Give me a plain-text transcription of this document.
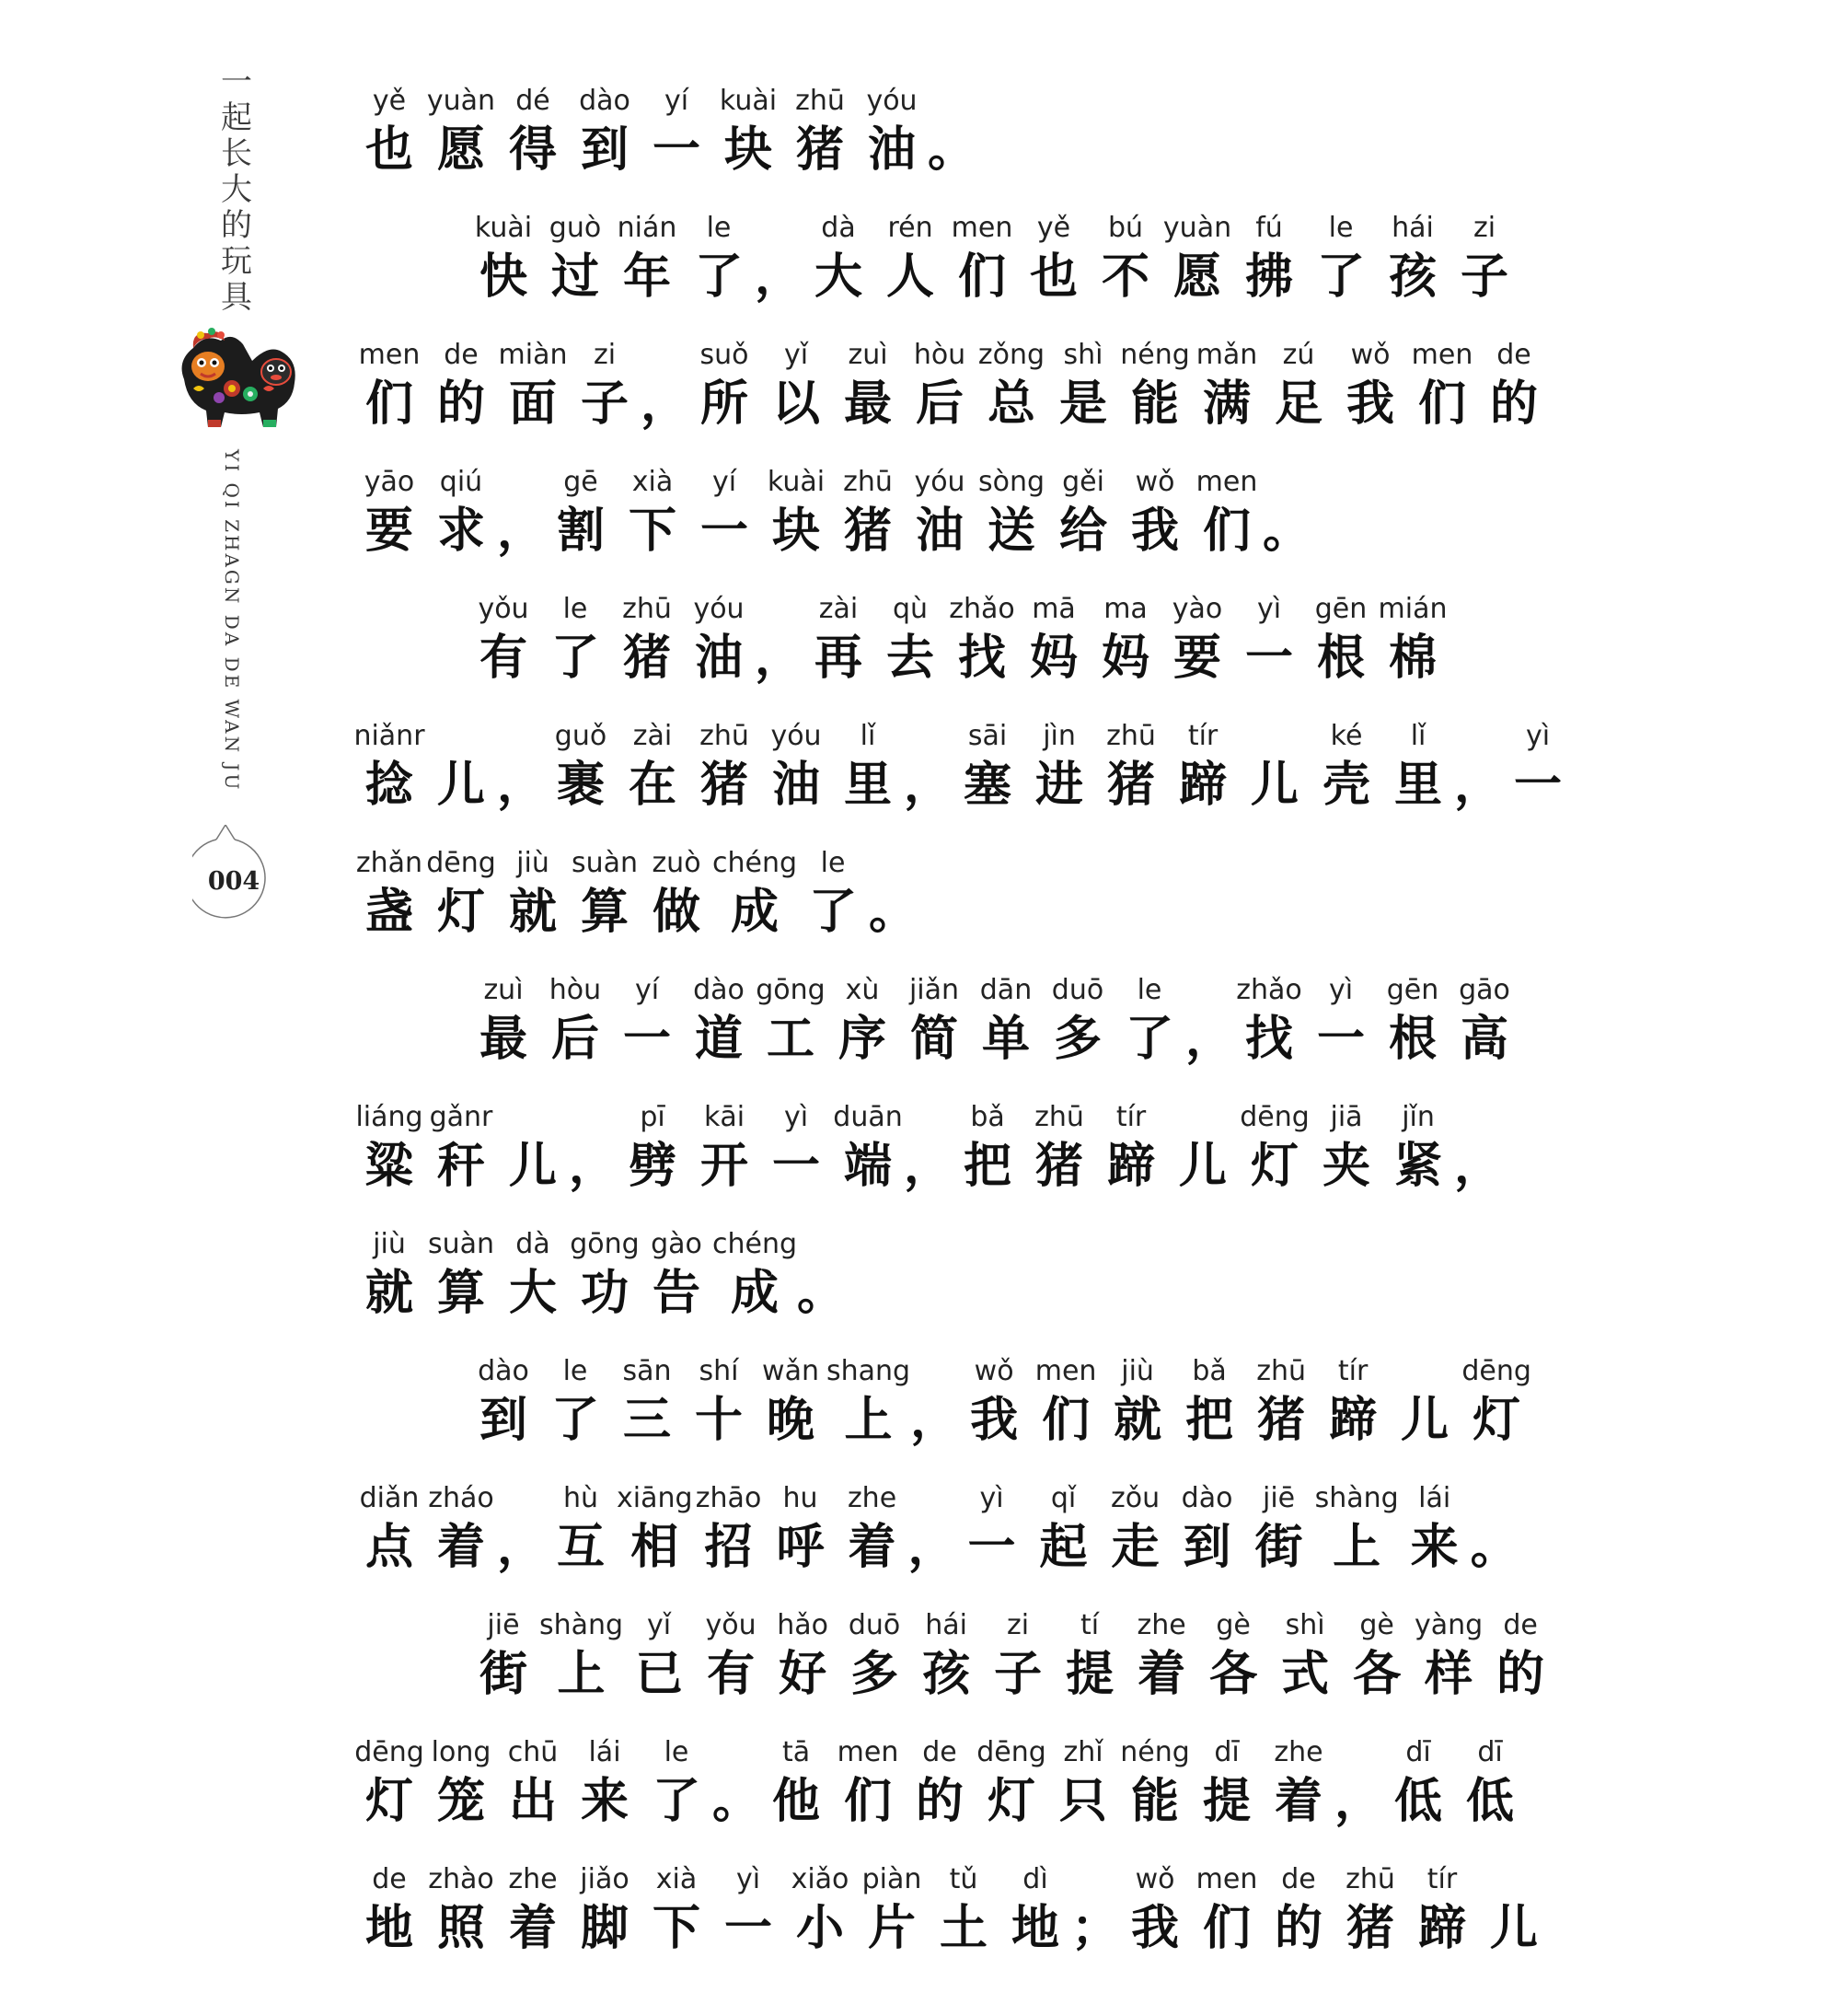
一
起
长
大
的
玩
具
YI QI ZHAGN DA DE WAN JU
004
yě
也
yuàn
愿
dé
得
dào
到
yí
一
kuài
块
zhū
猪
yóu
油 。
kuài
快
guò
过
nián
年
le
了 ，
dà
大
rén
人
men
们
yě
也
bú
不
yuàn
愿
fú
拂
le
了
hái
孩
zi
子
men
们
de
的
miàn
面
zi
子 ，
suǒ
所
yǐ
以
zuì
最
hòu
后
zǒng
总
shì
是
néng
能
mǎn
满
zú
足
wǒ
我
men
们
de
的
yāo
要
qiú
求 ，
gē
割
xià
下
yí
一
kuài
块
zhū
猪
yóu
油
sòng
送
gěi
给
wǒ
我
men
们 。
yǒu
有
le
了
zhū
猪
yóu
油 ，
zài
再
qù
去
zhǎo
找
mā
妈
ma
妈
yào
要
yì
一
gēn
根
mián
棉
niǎnr
捻 儿 ，
guǒ
裹
zài
在
zhū
猪
yóu
油
lǐ
里 ，
sāi
塞
jìn
进
zhū
猪
tír
蹄 儿
ké
壳
lǐ
里 ，
yì
一
zhǎn
盏
dēng
灯
jiù
就
suàn
算
zuò
做
chéng
成
le
了 。
zuì
最
hòu
后
yí
一
dào
道
gōng
工
xù
序
jiǎn
简
dān
单
duō
多
le
了 ，
zhǎo
找
yì
一
gēn
根
gāo
高
liáng
粱
gǎnr
秆 儿 ，
pī
劈
kāi
开
yì
一
duān
端 ，
bǎ
把
zhū
猪
tír
蹄 儿
dēng
灯
jiā
夹
jǐn
紧 ，
jiù
就
suàn
算
dà
大
gōng
功
gào
告
chéng
成 。
dào
到
le
了
sān
三
shí
十
wǎn
晚
shang
上 ，
wǒ
我
men
们
jiù
就
bǎ
把
zhū
猪
tír
蹄 儿
dēng
灯
diǎn
点
zháo
着 ，
hù
互
xiāng
相
zhāo
招
hu
呼
zhe
着 ，
yì
一
qǐ
起
zǒu
走
dào
到
jiē
街
shàng
上
lái
来 。
jiē
街
shàng
上
yǐ
已
yǒu
有
hǎo
好
duō
多
hái
孩
zi
子
tí
提
zhe
着
gè
各
shì
式
gè
各
yàng
样
de
的
dēng
灯
long
笼
chū
出
lái
来
le
了 。
tā
他
men
们
de
的
dēng
灯
zhǐ
只
néng
能
dī
提
zhe
着 ，
dī
低
dī
低
de
地
zhào
照
zhe
着
jiǎo
脚
xià
下
yì
一
xiǎo
小
piàn
片
tǔ
土
dì
地 ；
wǒ
我
men
们
de
的
zhū
猪
tír
蹄 儿
